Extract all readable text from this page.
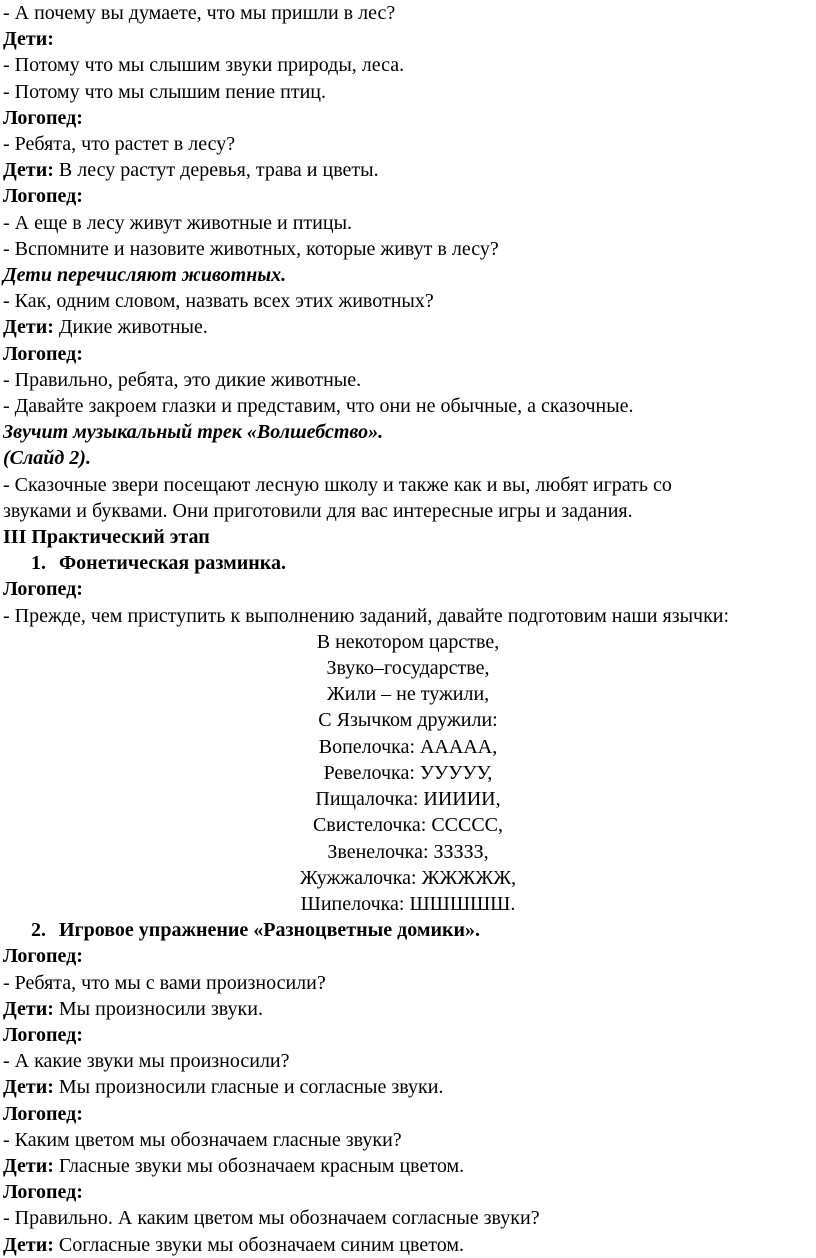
- А почему вы думаете, что мы пришли в лес?
Дети:
- Потому что мы слышим звуки природы, леса.
- Потому что мы слышим пение птиц.
Логопед:
- Ребята, что растет в лесу?
Дети: В лесу растут деревья, трава и цветы.
Логопед:
- А еще в лесу живут животные и птицы.
- Вспомните и назовите животных, которые живут в лесу?
Дети перечисляют животных.
- Как, одним словом, назвать всех этих животных?
Дети: Дикие животные.
Логопед:
- Правильно, ребята, это дикие животные.
- Давайте закроем глазки и представим, что они не обычные, а сказочные.
Звучит музыкальный трек «Волшебство».
(Слайд 2).
- Сказочные звери посещают лесную школу и также как и вы, любят играть со
звуками и буквами. Они приготовили для вас интересные игры и задания.
III Практический этап
1. Фонетическая разминка.
Логопед:
- Прежде, чем приступить к выполнению заданий, давайте подготовим наши язычки:
В некотором царстве,
Звуко–государстве,
Жили – не тужили,
С Язычком дружили:
Вопелочка: ААААА,
Ревелочка: УУУУУ,
Пищалочка: ИИИИИ,
Свистелочка: ССССС,
Звенелочка: ЗЗЗЗЗ,
Жужжалочка: ЖЖЖЖЖ,
Шипелочка: ШШШШШ.
2. Игровое упражнение «Разноцветные домики».
Логопед:
- Ребята, что мы с вами произносили?
Дети: Мы произносили звуки.
Логопед:
- А какие звуки мы произносили?
Дети: Мы произносили гласные и согласные звуки.
Логопед:
- Каким цветом мы обозначаем гласные звуки?
Дети: Гласные звуки мы обозначаем красным цветом.
Логопед:
- Правильно. А каким цветом мы обозначаем согласные звуки?
Дети: Согласные звуки мы обозначаем синим цветом.
